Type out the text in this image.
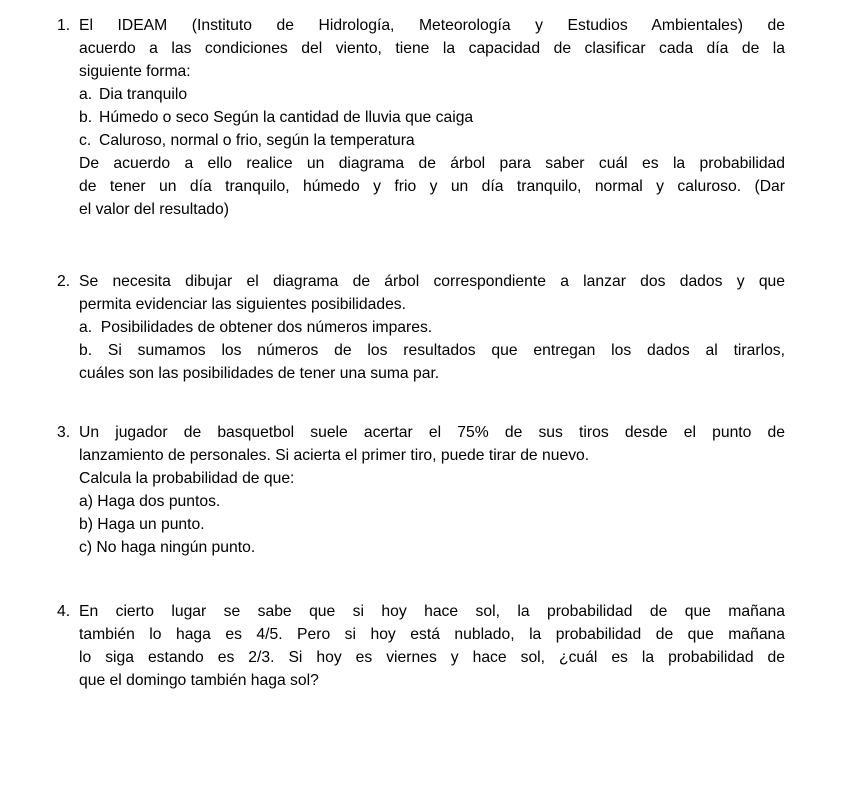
1. El IDEAM (Instituto de Hidrología, Meteorología y Estudios Ambientales) de
acuerdo a las condiciones del viento, tiene la capacidad de clasificar cada día de la
siguiente forma:
a. Dia tranquilo
b. Húmedo o seco Según la cantidad de lluvia que caiga
c. Caluroso, normal o frio, según la temperatura
De acuerdo a ello realice un diagrama de árbol para saber cuál es la probabilidad
de tener un día tranquilo, húmedo y frio y un día tranquilo, normal y caluroso. (Dar
el valor del resultado)
2. Se necesita dibujar el diagrama de árbol correspondiente a lanzar dos dados y que
permita evidenciar las siguientes posibilidades.
a.  Posibilidades de obtener dos números impares.
b. Si sumamos los números de los resultados que entregan los dados al tirarlos,
cuáles son las posibilidades de tener una suma par.
3. Un jugador de basquetbol suele acertar el 75% de sus tiros desde el punto de
lanzamiento de personales. Si acierta el primer tiro, puede tirar de nuevo.
Calcula la probabilidad de que:
a) Haga dos puntos.
b) Haga un punto.
c) No haga ningún punto.
4. En cierto lugar se sabe que si hoy hace sol, la probabilidad de que mañana
también lo haga es 4/5. Pero si hoy está nublado, la probabilidad de que mañana
lo siga estando es 2/3. Si hoy es viernes y hace sol, ¿cuál es la probabilidad de
que el domingo también haga sol?
